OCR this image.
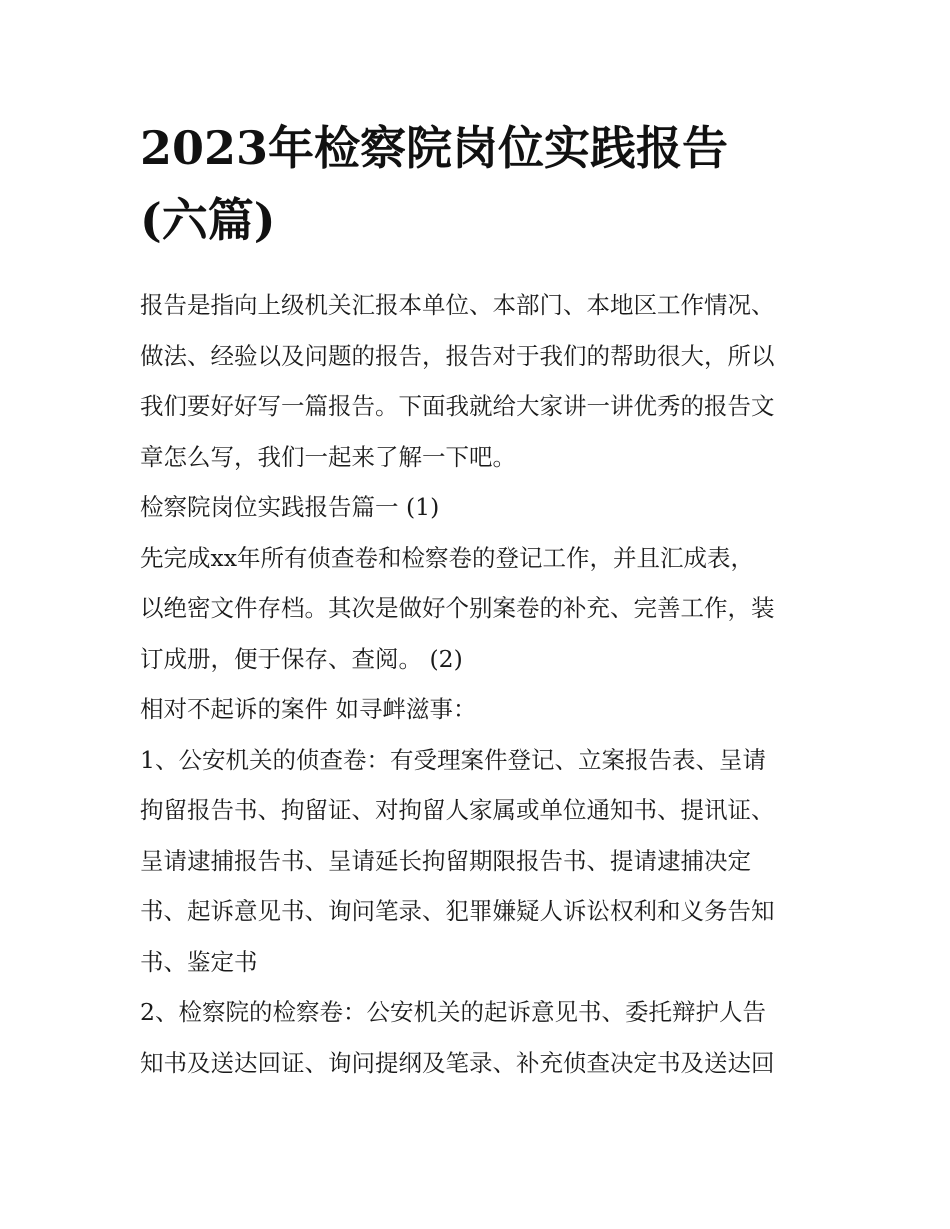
2023年检察院岗位实践报告
(六篇)

报告是指向上级机关汇报本单位、本部门、本地区工作情况、
做法、经验以及问题的报告，报告对于我们的帮助很大，所以
我们要好好写一篇报告。下面我就给大家讲一讲优秀的报告文
章怎么写，我们一起来了解一下吧。

检察院岗位实践报告篇一 (1)

先完成xx年所有侦查卷和检察卷的登记工作，并且汇成表，
以绝密文件存档。其次是做好个别案卷的补充、完善工作，装
订成册，便于保存、查阅。 (2)

相对不起诉的案件 如寻衅滋事：

1、公安机关的侦查卷：有受理案件登记、立案报告表、呈请
拘留报告书、拘留证、对拘留人家属或单位通知书、提讯证、
呈请逮捕报告书、呈请延长拘留期限报告书、提请逮捕决定
书、起诉意见书、询问笔录、犯罪嫌疑人诉讼权利和义务告知
书、鉴定书

2、检察院的检察卷：公安机关的起诉意见书、委托辩护人告
知书及送达回证、询问提纲及笔录、补充侦查决定书及送达回
